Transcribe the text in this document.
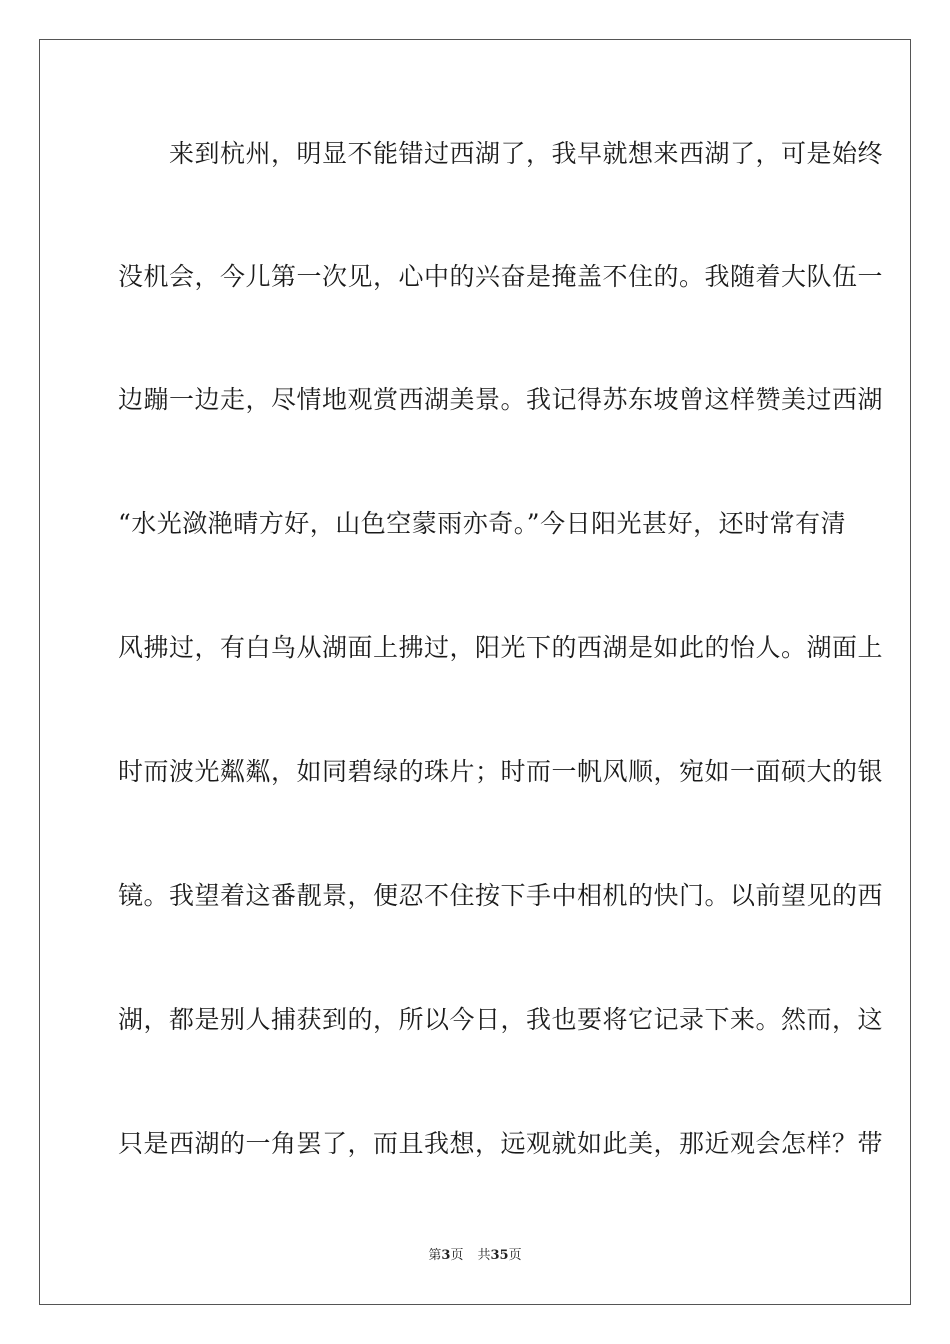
　　来到杭州，明显不能错过西湖了，我早就想来西湖了，可是始终
没机会，今儿第一次见，心中的兴奋是掩盖不住的。我随着大队伍一
边蹦一边走，尽情地观赏西湖美景。我记得苏东坡曾这样赞美过西湖
“水光潋滟晴方好，山色空蒙雨亦奇。”今日阳光甚好，还时常有清
风拂过，有白鸟从湖面上拂过，阳光下的西湖是如此的怡人。湖面上
时而波光粼粼，如同碧绿的珠片；时而一帆风顺，宛如一面硕大的银
镜。我望着这番靓景，便忍不住按下手中相机的快门。以前望见的西
湖，都是别人捕获到的，所以今日，我也要将它记录下来。然而，这
只是西湖的一角罢了，而且我想，远观就如此美，那近观会怎样？带
第3页 共35页
